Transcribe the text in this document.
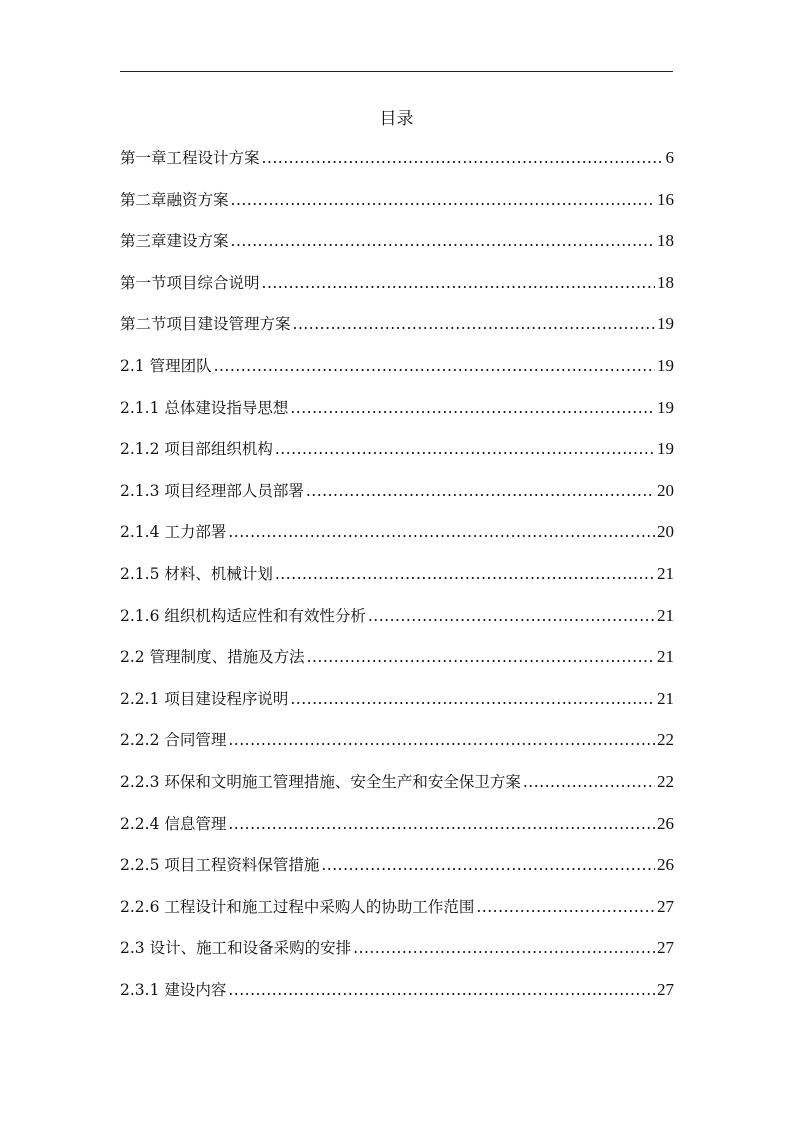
目录
第一章工程设计方案 .....	6
第二章融资方案 .....	16
第三章建设方案 .....	18
第一节项目综合说明 .....	18
第二节项目建设管理方案 .....	19
2.1 管理团队 .....	19
2.1.1 总体建设指导思想 .....	19
2.1.2 项目部组织机构 .....	19
2.1.3 项目经理部人员部署 .....	20
2.1.4 工力部署 .....	20
2.1.5 材料、机械计划 .....	21
2.1.6 组织机构适应性和有效性分析 .....	21
2.2 管理制度、措施及方法 .....	21
2.2.1 项目建设程序说明 .....	21
2.2.2 合同管理 .....	22
2.2.3 环保和文明施工管理措施、安全生产和安全保卫方案 .....	22
2.2.4 信息管理 .....	26
2.2.5 项目工程资料保管措施 .....	26
2.2.6 工程设计和施工过程中采购人的协助工作范围 .....	27
2.3 设计、施工和设备采购的安排 .....	27
2.3.1 建设内容 .....	27
